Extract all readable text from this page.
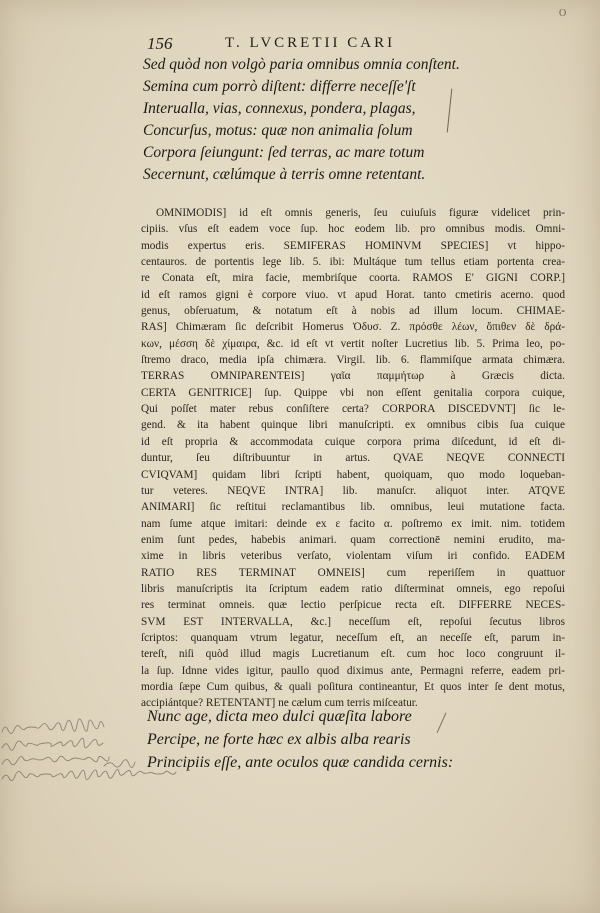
O
156	T. LVCRETII CARI
Sed quòd non volgò paria omnibus omnia conſtent.
Semina cum porrò diſtent: differre neceſſe'ſt
Interualla, vias, connexus, pondera, plagas,
Concurſus, motus: quæ non animalia ſolum
Corpora ſeiungunt: ſed terras, ac mare totum
Secernunt, cælúmque à terris omne retentant.
OMNIMODIS] id eſt omnis generis, ſeu cuiuſuis figuræ videlicet prin-
cipiis. vſus eſt eadem voce ſup. hoc eodem lib. pro omnibus modis. Omni-
modis expertus eris. SEMIFERAS HOMINVM SPECIES] vt hippo-
centauros. de portentis lege lib. 5. ibi: Multáque tum tellus etiam portenta crea-
re Conata eſt, mira facie, membriſque coorta. RAMOS E' GIGNI CORP.]
id eſt ramos gigni è corpore viuo. vt apud Horat. tanto cmetiris acerno. quod
genus, obſeruatum, & notatum eſt à nobis ad illum locum. CHIMAE-
RAS] Chimæram ſic deſcribit Homerus Ὀδυσ. Z. πρόσθε λέων, ὄπιθεν δὲ δρά-
κων, μέσση δὲ χίμαιρα, &c. id eſt vt vertit noſter Lucretius lib. 5. Prima leo, po-
ſtremo draco, media ipſa chimæra. Virgil. lib. 6. flammiſque armata chimæra.
TERRAS OMNIPARENTEIS] γαῖα παμμήτωρ à Græcis dicta.
CERTA GENITRICE] ſup. Quippe vbi non eſſent genitalia corpora cuique,
Qui poſſet mater rebus conſiſtere certa? CORPORA DISCEDVNT] ſic le-
gend. & ita habent quinque libri manuſcripti. ex omnibus cibis ſua cuique
id eſt propria & accommodata cuique corpora prima diſcedunt, id eſt di-
duntur, ſeu diſtribuuntur in artus. QVAE NEQVE CONNECTI
CVIQVAM] quidam libri ſcripti habent, quoiquam, quo modo loqueban-
tur veteres. NEQVE INTRA] lib. manuſcr. aliquot inter. ATQVE
ANIMARI] ſic reſtitui reclamantibus lib. omnibus, leui mutatione facta.
nam ſume atque imitari: deinde ex ε facito α. poſtremo ex imit. nim. totidem
enim ſunt pedes, habebis animari. quam correctionē nemini erudito, ma-
xime in libris veteribus verſato, violentam viſum iri confido. EADEM
RATIO RES TERMINAT OMNEIS] cum reperiſſem in quattuor
libris manuſcriptis ita ſcriptum eadem ratio diſterminat omneis, ego repoſui
res terminat omneis. quæ lectio perſpicue recta eſt. DIFFERRE NECES-
SVM EST INTERVALLA, &c.] neceſſum eſt, repoſui ſecutus libros
ſcriptos: quanquam vtrum legatur, neceſſum eſt, an neceſſe eſt, parum in-
tereſt, niſi quòd illud magis Lucretianum eſt. cum hoc loco congruunt il-
la ſup. Idnne vides igitur, paullo quod diximus ante, Permagni referre, eadem pri-
mordia ſæpe Cum quibus, & quali poſitura contineantur, Et quos inter ſe dent motus,
accipiántque? RETENTANT] ne cælum cum terris miſceatur.
Nunc age, dicta meo dulci quæſita labore
Percipe, ne forte hæc ex albis alba rearis
Principiis eſſe, ante oculos quæ candida cernis:
